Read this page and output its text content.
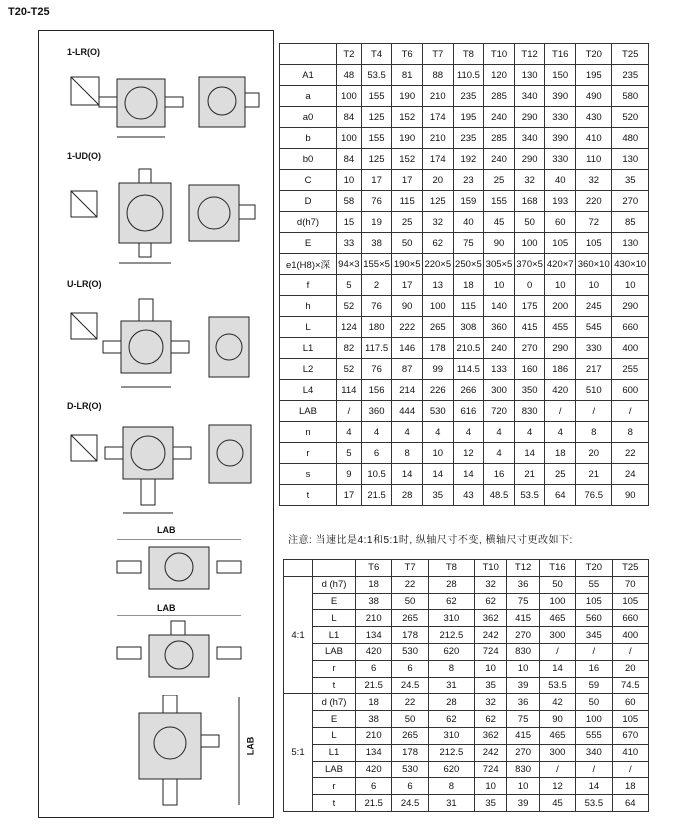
T20-T25
1-LR(O)
1-UD(O)
U-LR(O)
D-LR(O)
LAB
LAB
LAB
	T2	T4	T6	T7	T8	T10	T12	T16	T20	T25
A1	48	53.5	81	88	110.5	120	130	150	195	235
a	100	155	190	210	235	285	340	390	490	580
a0	84	125	152	174	195	240	290	330	430	520
b	100	155	190	210	235	285	340	390	410	480
b0	84	125	152	174	192	240	290	330	110	130
C	10	17	17	20	23	25	32	40	32	35
D	58	76	115	125	159	155	168	193	220	270
d(h7)	15	19	25	32	40	45	50	60	72	85
E	33	38	50	62	75	90	100	105	105	130
e1(H8)×深	94×3	155×5	190×5	220×5	250×5	305×5	370×5	420×7	360×10	430×10
f	5	2	17	13	18	10	0	10	10	10
h	52	76	90	100	115	140	175	200	245	290
L	124	180	222	265	308	360	415	455	545	660
L1	82	117.5	146	178	210.5	240	270	290	330	400
L2	52	76	87	99	114.5	133	160	186	217	255
L4	114	156	214	226	266	300	350	420	510	600
LAB	/	360	444	530	616	720	830	/	/	/
n	4	4	4	4	4	4	4	4	8	8
r	5	6	8	10	12	4	14	18	20	22
s	9	10.5	14	14	14	16	21	25	21	24
t	17	21.5	28	35	43	48.5	53.5	64	76.5	90
注意: 当速比是4:1和5:1时, 纵轴尺寸不变, 横轴尺寸更改如下:
		T6	T7	T8	T10	T12	T16	T20	T25
4:1	d (h7)	18	22	28	32	36	50	55	70
	E	38	50	62	62	75	100	105	105
	L	210	265	310	362	415	465	560	660
	L1	134	178	212.5	242	270	300	345	400
	LAB	420	530	620	724	830	/	/	/
	r	6	6	8	10	10	14	16	20
	t	21.5	24.5	31	35	39	53.5	59	74.5
5:1	d (h7)	18	22	28	32	36	42	50	60
	E	38	50	62	62	75	90	100	105
	L	210	265	310	362	415	465	555	670
	L1	134	178	212.5	242	270	300	340	410
	LAB	420	530	620	724	830	/	/	/
	r	6	6	8	10	10	12	14	18
	t	21.5	24.5	31	35	39	45	53.5	64
